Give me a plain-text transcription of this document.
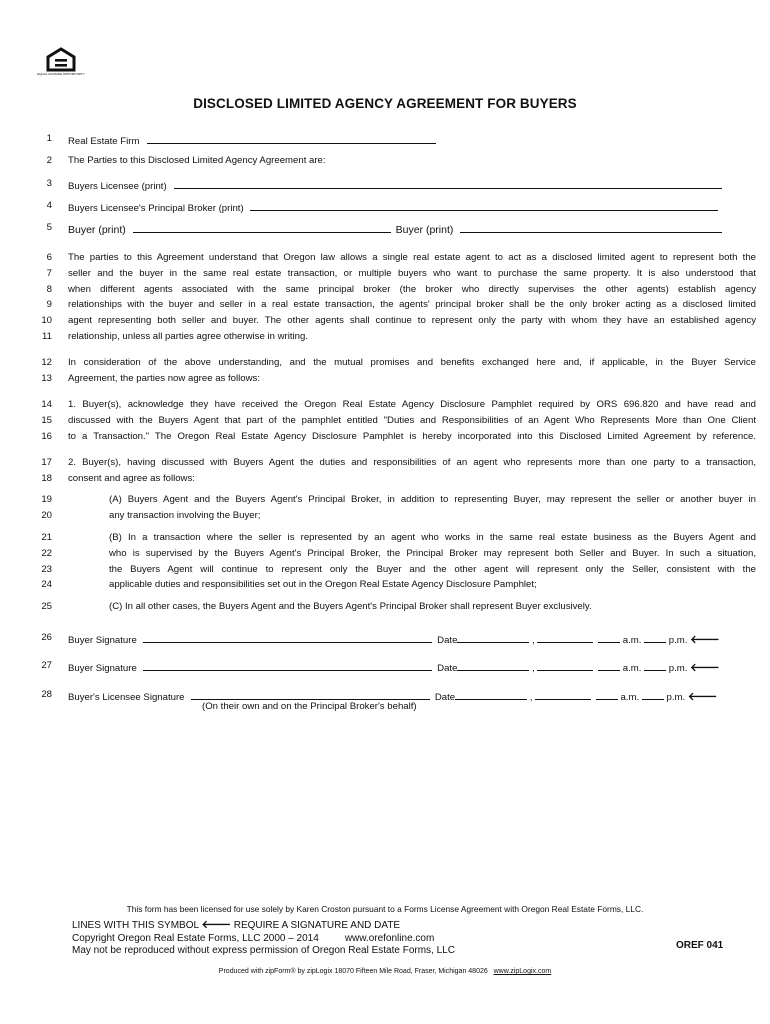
EQUAL HOUSING OPPORTUNITY
DISCLOSED LIMITED AGENCY AGREEMENT FOR BUYERS
1 Real Estate Firm
2 The Parties to this Disclosed Limited Agency Agreement are:
3 Buyers Licensee (print)
4 Buyers Licensee's Principal Broker (print)
5 Buyer (print)	Buyer (print)
6 The parties to this Agreement understand that Oregon law allows a single real estate agent to act as a disclosed limited agent to represent both the
7 seller and the buyer in the same real estate transaction, or multiple buyers who want to purchase the same property. It is also understood that
8 when different agents associated with the same principal broker (the broker who directly supervises the other agents) establish agency
9 relationships with the buyer and seller in a real estate transaction, the agents' principal broker shall be the only broker acting as a disclosed limited
10 agent representing both seller and buyer. The other agents shall continue to represent only the party with whom they have an established agency
11 relationship, unless all parties agree otherwise in writing.
12 In consideration of the above understanding, and the mutual promises and benefits exchanged here and, if applicable, in the Buyer Service
13 Agreement, the parties now agree as follows:
14 1. Buyer(s), acknowledge they have received the Oregon Real Estate Agency Disclosure Pamphlet required by ORS 696.820 and have read and
15 discussed with the Buyers Agent that part of the pamphlet entitled "Duties and Responsibilities of an Agent Who Represents More than One Client
16 to a Transaction." The Oregon Real Estate Agency Disclosure Pamphlet is hereby incorporated into this Disclosed Limited Agreement by reference.
17 2. Buyer(s), having discussed with Buyers Agent the duties and responsibilities of an agent who represents more than one party to a transaction,
18 consent and agree as follows:
19	(A) Buyers Agent and the Buyers Agent's Principal Broker, in addition to representing Buyer, may represent the seller or another buyer in
20	any transaction involving the Buyer;
21	(B) In a transaction where the seller is represented by an agent who works in the same real estate business as the Buyers Agent and
22	who is supervised by the Buyers Agent's Principal Broker, the Principal Broker may represent both Seller and Buyer. In such a situation,
23	the Buyers Agent will continue to represent only the Buyer and the other agent will represent only the Seller, consistent with the
24	applicable duties and responsibilities set out in the Oregon Real Estate Agency Disclosure Pamphlet;
25	(C) In all other cases, the Buyers Agent and the Buyers Agent's Principal Broker shall represent Buyer exclusively.
26 Buyer Signature	Date	,	a.m.	p.m. 🡐
27 Buyer Signature	Date	,	a.m.	p.m. 🡐
28 Buyer's Licensee Signature	Date	,	a.m.	p.m. 🡐
(On their own and on the Principal Broker's behalf)
This form has been licensed for use solely by Karen Croston pursuant to a Forms License Agreement with Oregon Real Estate Forms, LLC.
LINES WITH THIS SYMBOL 🡐 REQUIRE A SIGNATURE AND DATE
Copyright Oregon Real Estate Forms, LLC 2000 – 2014	www.orefonline.com
May not be reproduced without express permission of Oregon Real Estate Forms, LLC	OREF 041
Produced with zipForm® by zipLogix 18070 Fifteen Mile Road, Fraser, Michigan 48026 www.zipLogix.com
